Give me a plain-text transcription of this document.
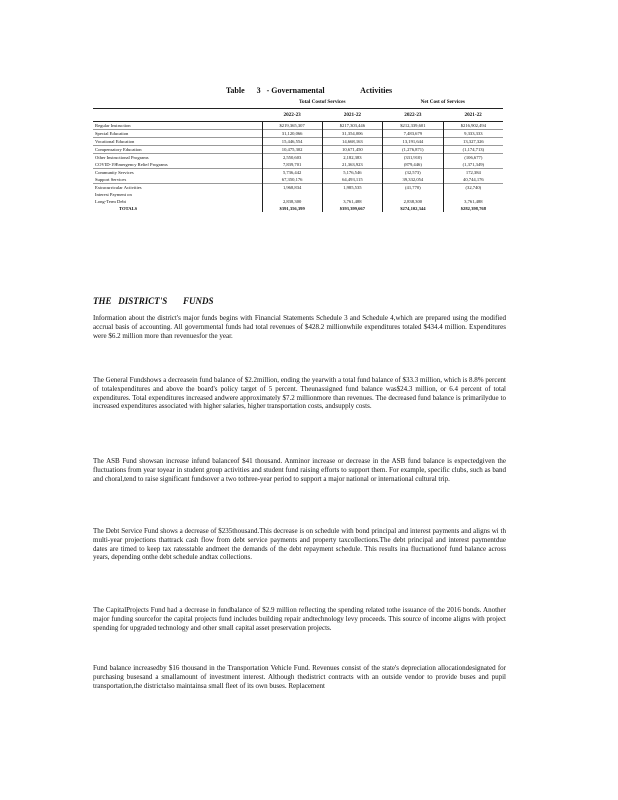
Table      3   - Governamental                  Activities
	Total Costof Services		Net Cost of Services	
	2022-23	2021-22	2022-23	2021-22
Regular Instruction	$219,365,307	$217,303,446	$212,339,601	$216,902,494
Special Education	31,120,066	31,354,006	7,483,679	9,333,333
Vocational Education	15,446,554	14,668,163	13,191,644	13,327,326
Compensatory Education	10,475,302	10,671,450	(1,276,871)	(1,174,713)
Other Instructional Programs	2,550,603	2,182,383	(331,910)	(106,677)
COVID-19Emergency Relief Programs	7,839,701	21,363,923	(879,446)	(1,371,349)
Community Services	5,736,442	5,176,546	(32,573)	172,384
Support Services	67,350,176	64,493,115	39,332,054	40,744,176
Extracurricular Activities	1,968,834	1,985,535	(41,770)	(32,740)
Interest Payment on				
Long-Term Debt	2,838,300	3,761,488	2,838,300	3,761,488
TOTALS	$391,356,399	$393,399,667	$274,102,344	$282,398,768
THE   DISTRICT'S       FUNDS

Information about the district's major funds begins with Financial Statements Schedule 3 and Schedule 4,which are prepared using the modified accrual basis of accounting. All governmental funds had total revenues of $428.2 millionwhile expenditures totaled $434.4 million. Expenditures were $6.2 million more than revenuesfor the year.

The General Fundshows a decreasein fund balance of $2.2million, ending the yearwith a total fund balance of $33.3 million, which is 8.8% percent of totalexpenditures and above the board's policy target of 5 percent. Theunassigned fund balance was$24.3 million, or 6.4 percent of total expenditures. Total expenditures increased andwere approximately $7.2 millionmore than revenues. The decreased fund balance is primarilydue to increased expenditures associated with higher salaries, higher transportation costs, andsupply costs.

The ASB Fund showsan increase infund balanceof $41 thousand. Anminor increase or decrease in the ASB fund balance is expectedgiven the fluctuations from year toyear in student group activities and student fund raising efforts to support them. For example, specific clubs, such as band and choral,tend to raise significant fundsover a two tothree-year period to support a major national or international cultural trip.

The Debt Service Fund shows a decrease of $235thousand.This decrease is on schedule with bond principal and interest payments and aligns wi th multi-year projections thattrack cash flow from debt service payments and property taxcollections.The debt principal and interest paymentdue dates are timed to keep tax ratesstable andmeet the demands of the debt repayment schedule. This results ina fluctuationof fund balance across years, depending onthe debt schedule andtax collections.

The CapitalProjects Fund had a decrease in fundbalance of $2.9 million reflecting the spending related tothe issuance of the 2016 bonds. Another major funding sourcefor the capital projects fund includes building repair andtechnology levy proceeds. This source of income aligns with project spending for upgraded technology and other small capital asset preservation projects.

Fund balance increasedby $16 thousand in the Transportation Vehicle Fund. Revenues consist of the state's depreciation allocationdesignated for purchasing busesand a smallamount of investment interest. Although thedistrict contracts with an outside vendor to provide buses and pupil transportation,the districtalso maintainsa small fleet of its own buses. Replacement
